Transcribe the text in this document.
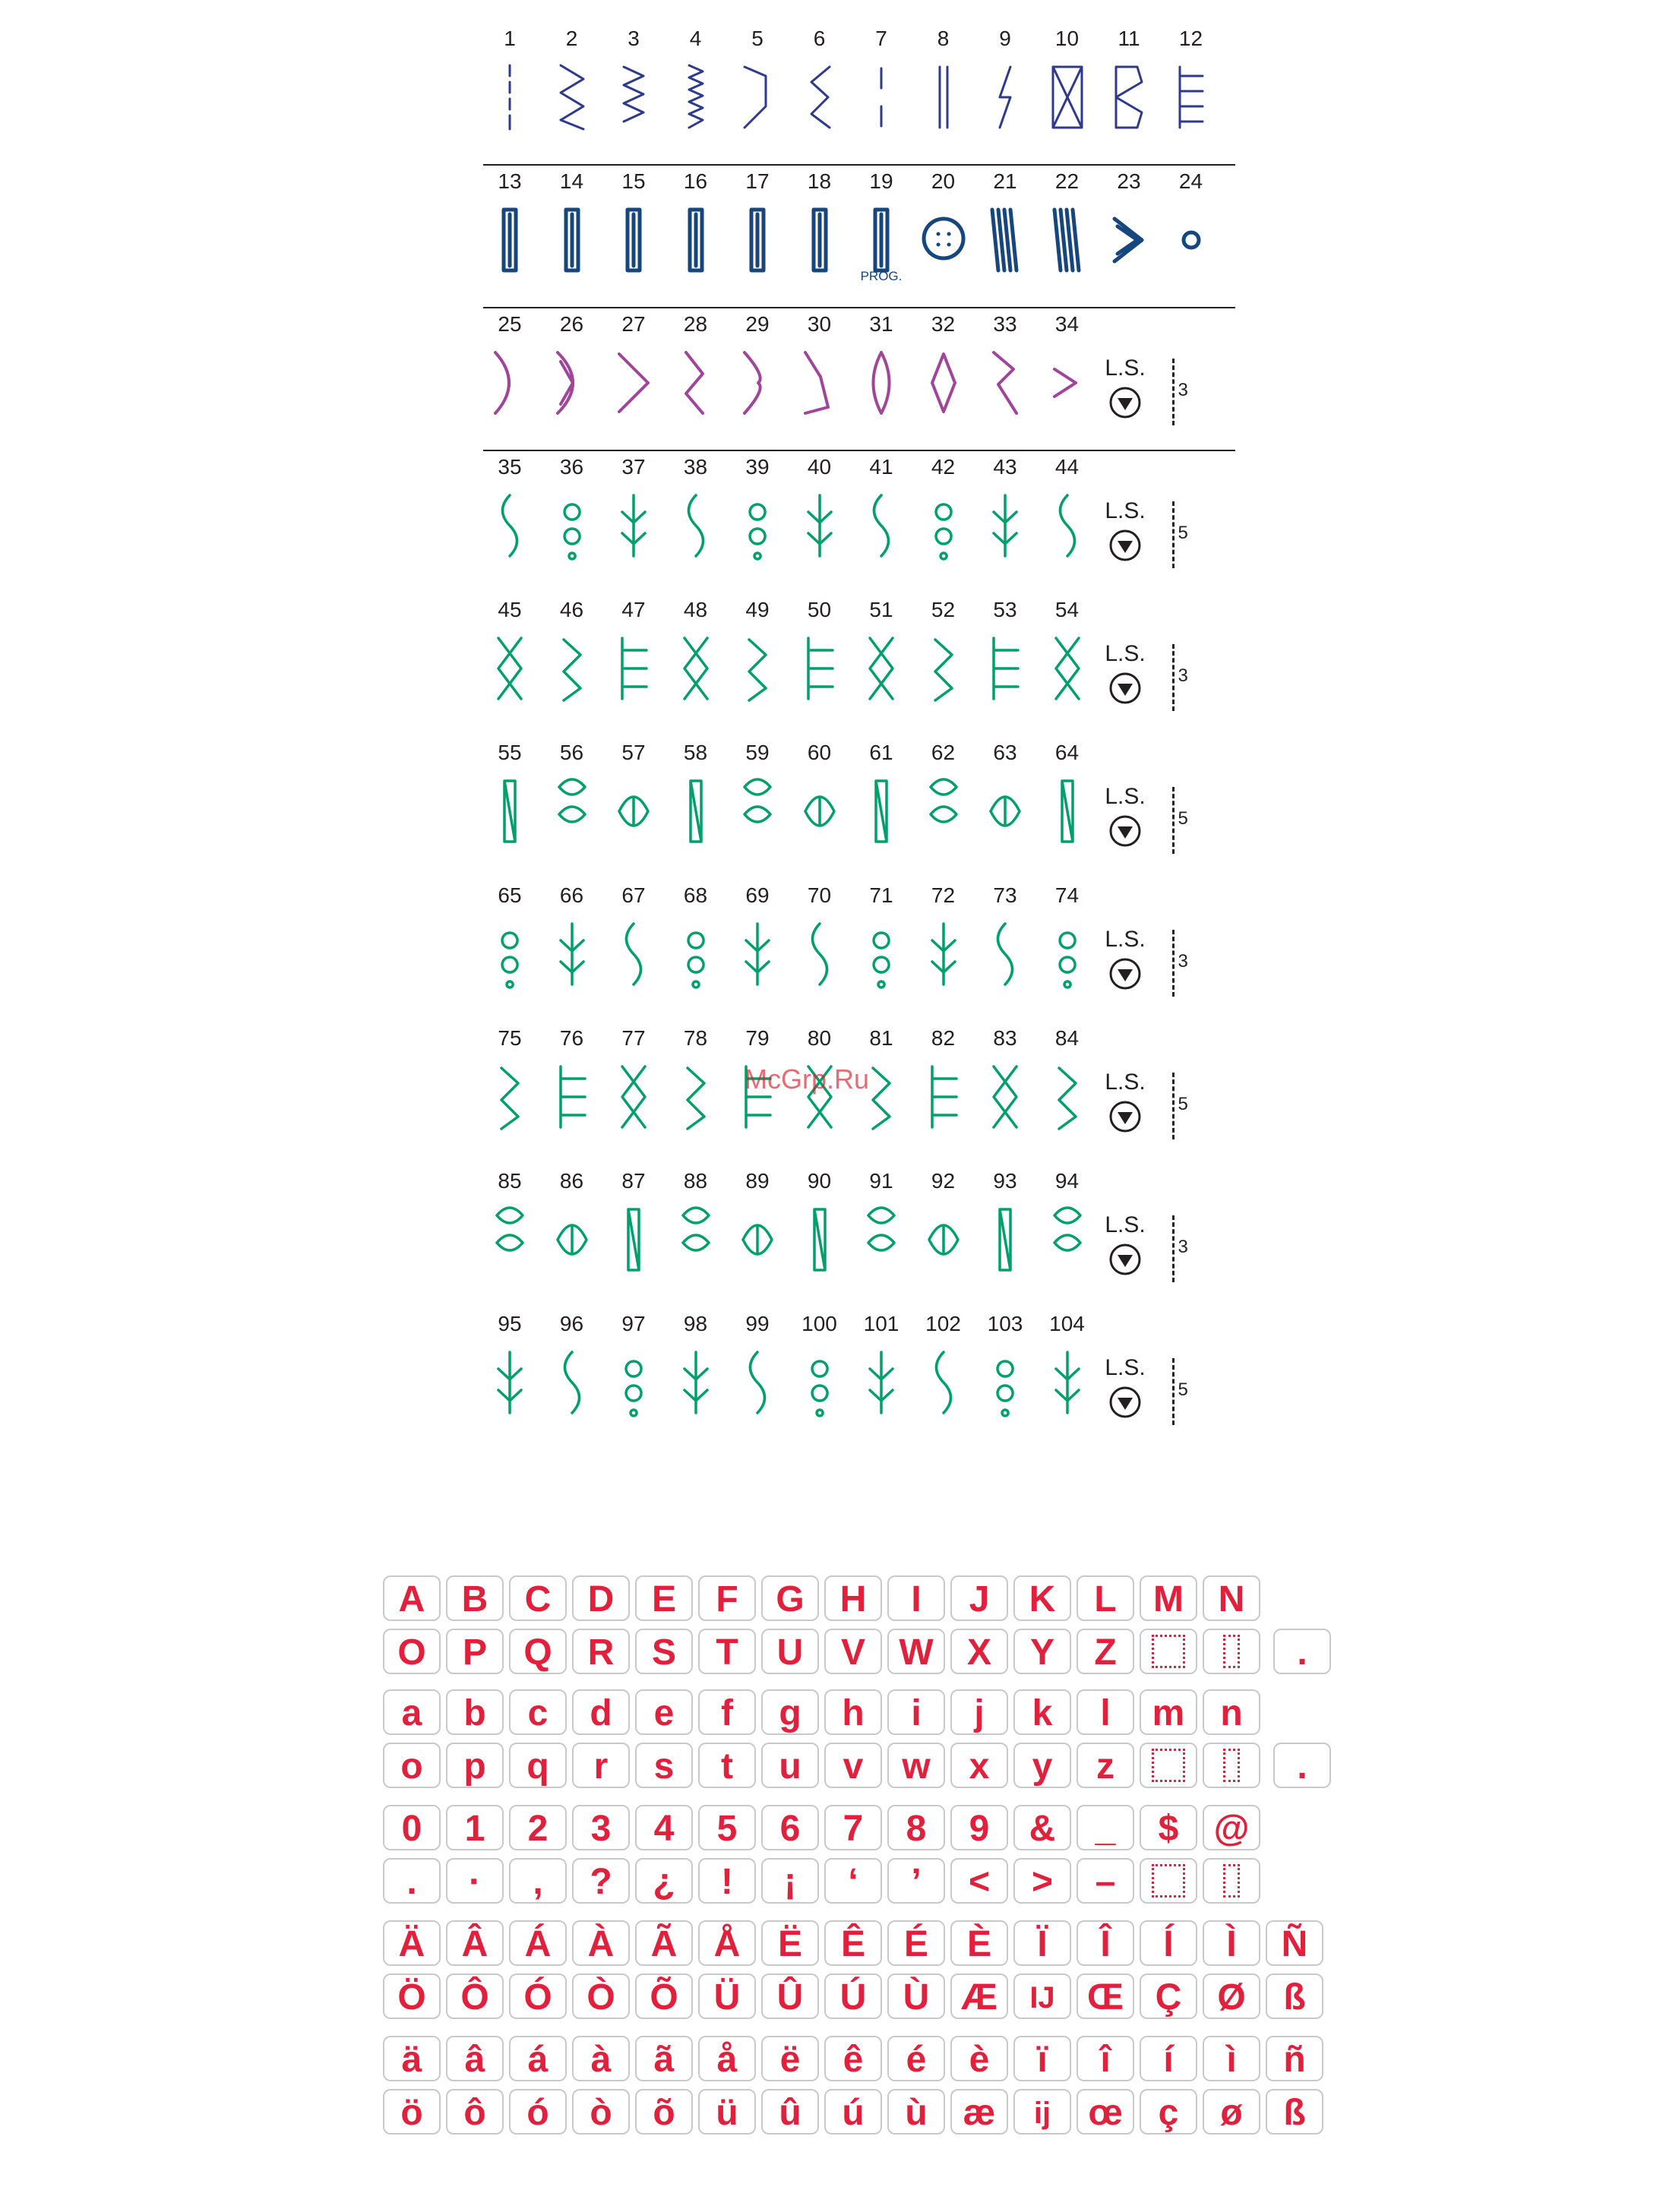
1	2	3	4	5	6	7	8	9	10	11	12
13	14	15	16	17	18	19
PROG.
20	21	22	23	24
25	26	27	28	29	30	31	32	33	34
L.S.
3
35	36	37	38	39	40	41	42	43	44
L.S.
5
45	46	47	48	49	50	51	52	53	54
L.S.
3
55	56	57	58	59	60	61	62	63	64
L.S.
5
65	66	67	68	69	70	71	72	73	74
L.S.
3
75	76	77	78	79	80	81	82	83	84
L.S.
5
85	86	87	88	89	90	91	92	93	94
L.S.
3
95	96	97	98	99	100	101	102	103	104
L.S.
5
McGrp.Ru
A	B	C	D	E	F	G H	I	J	K	L	M N
O	P	Q R	S	T	U	V W X	Y	Z	.
a	b	c	d	e	f	g	h	i	j	k	l	m n
o	p	q	r	s	t	u	v	w	x	y	z	.
0	1	2	3	4	5	6	7	8	9	&	_	$ @
.	·	,	?	¿	!	¡	‘	’	<	>	–
Ä	Â	Á	À	Ã	Å	Ë	Ê	É	È	Ï	Î	Í	Ì	Ñ
Ö Ô Ó Ò Õ Ü	Û	Ú	Ù Æ	IJ Œ Ç Ø	ß
ä	â	á	à	ã	å	ë	ê	é	è	ï	î	í	ì	ñ
ö	ô	ó	ò	õ	ü	û	ú	ù æ	ij	œ ç	ø	ß
